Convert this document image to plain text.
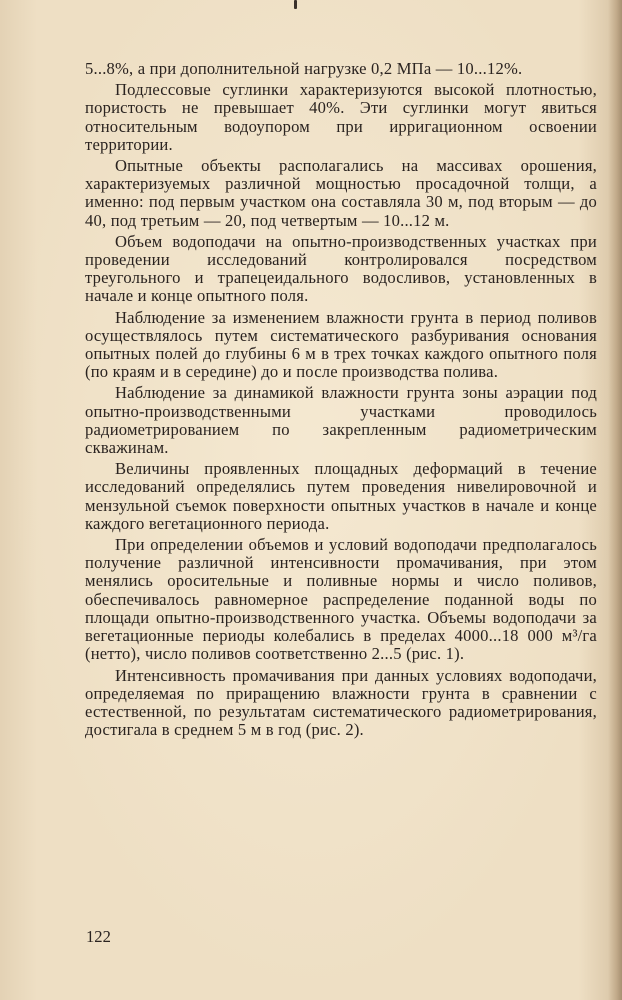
5...8%, а при дополнительной нагрузке 0,2 МПа — 10...12%.

Подлессовые суглинки характеризуются высокой плотностью, пористость не превышает 40%. Эти суглинки могут явиться относительным водоупором при ирригационном освоении территории.

Опытные объекты располагались на массивах орошения, характеризуемых различной мощностью просадочной толщи, а именно: под первым участком она составляла 30 м, под вторым — до 40, под третьим — 20, под четвертым — 10...12 м.

Объем водоподачи на опытно-производственных участках при проведении исследований контролировался посредством треугольного и трапецеидального водосливов, установленных в начале и конце опытного поля.

Наблюдение за изменением влажности грунта в период поливов осуществлялось путем систематического разбуривания основания опытных полей до глубины 6 м в трех точках каждого опытного поля (по краям и в середине) до и после производства полива.

Наблюдение за динамикой влажности грунта зоны аэрации под опытно-производственными участками проводилось радиометрированием по закрепленным радиометрическим скважинам.

Величины проявленных площадных деформаций в течение исследований определялись путем проведения нивелировочной и мензульной съемок поверхности опытных участков в начале и конце каждого вегетационного периода.

При определении объемов и условий водоподачи предполагалось получение различной интенсивности промачивания, при этом менялись оросительные и поливные нормы и число поливов, обеспечивалось равномерное распределение поданной воды по площади опытно-производственного участка. Объемы водоподачи за вегетационные периоды колебались в пределах 4000...18 000 м³/га (нетто), число поливов соответственно 2...5 (рис. 1).

Интенсивность промачивания при данных условиях водоподачи, определяемая по приращению влажности грунта в сравнении с естественной, по результатам систематического радиометрирования, достигала в среднем 5 м в год (рис. 2).

122
